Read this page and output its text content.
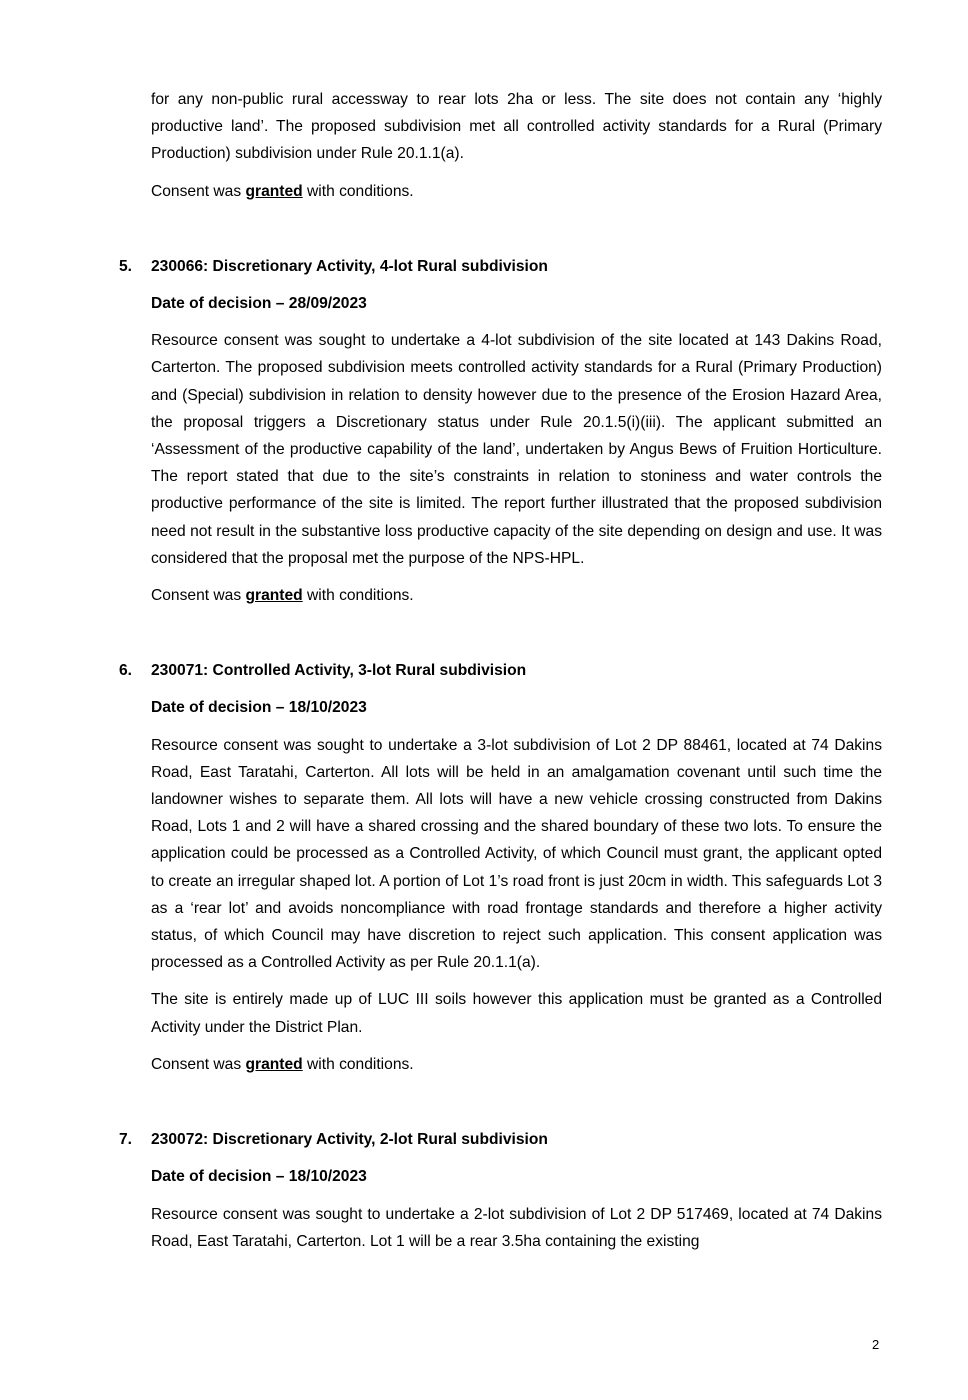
for any non-public rural accessway to rear lots 2ha or less. The site does not contain any ‘highly productive land’. The proposed subdivision met all controlled activity standards for a Rural (Primary Production) subdivision under Rule 20.1.1(a).

Consent was granted with conditions.

5. 230066: Discretionary Activity, 4-lot Rural subdivision
Date of decision – 28/09/2023

Resource consent was sought to undertake a 4-lot subdivision of the site located at 143 Dakins Road, Carterton. The proposed subdivision meets controlled activity standards for a Rural (Primary Production) and (Special) subdivision in relation to density however due to the presence of the Erosion Hazard Area, the proposal triggers a Discretionary status under Rule 20.1.5(i)(iii). The applicant submitted an ‘Assessment of the productive capability of the land’, undertaken by Angus Bews of Fruition Horticulture. The report stated that due to the site’s constraints in relation to stoniness and water controls the productive performance of the site is limited. The report further illustrated that the proposed subdivision need not result in the substantive loss productive capacity of the site depending on design and use. It was considered that the proposal met the purpose of the NPS-HPL.

Consent was granted with conditions.

6. 230071: Controlled Activity, 3-lot Rural subdivision
Date of decision – 18/10/2023

Resource consent was sought to undertake a 3-lot subdivision of Lot 2 DP 88461, located at 74 Dakins Road, East Taratahi, Carterton. All lots will be held in an amalgamation covenant until such time the landowner wishes to separate them. All lots will have a new vehicle crossing constructed from Dakins Road, Lots 1 and 2 will have a shared crossing and the shared boundary of these two lots. To ensure the application could be processed as a Controlled Activity, of which Council must grant, the applicant opted to create an irregular shaped lot. A portion of Lot 1’s road front is just 20cm in width. This safeguards Lot 3 as a ‘rear lot’ and avoids noncompliance with road frontage standards and therefore a higher activity status, of which Council may have discretion to reject such application. This consent application was processed as a Controlled Activity as per Rule 20.1.1(a).

The site is entirely made up of LUC III soils however this application must be granted as a Controlled Activity under the District Plan.

Consent was granted with conditions.

7. 230072: Discretionary Activity, 2-lot Rural subdivision
Date of decision – 18/10/2023

Resource consent was sought to undertake a 2-lot subdivision of Lot 2 DP 517469, located at 74 Dakins Road, East Taratahi, Carterton. Lot 1 will be a rear 3.5ha containing the existing

2
